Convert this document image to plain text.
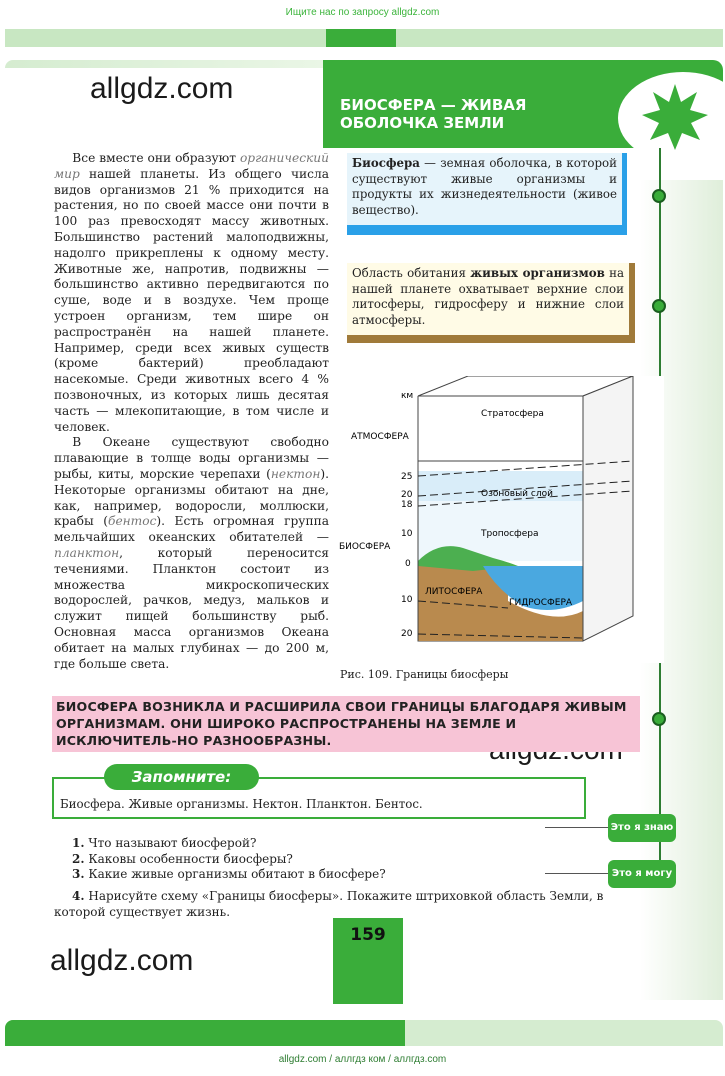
Ищите нас по запросу allgdz.com
БИОСФЕРА — ЖИВАЯ
ОБОЛОЧКА ЗЕМЛИ
allgdz.com
allgdz.com

Все вместе они образуют органический мир нашей планеты. Из общего числа видов организмов 21 % приходится на растения, но по своей массе они почти в 100 раз превосходят массу животных. Большинство растений малоподвижны, надолго прикреплены к одному месту. Животные же, напротив, подвижны — большинство активно передвигаются по суше, воде и в воздухе. Чем проще устроен организм, тем шире он распространён на нашей планете. Например, среди всех живых существ (кроме бактерий) преобладают насекомые. Среди животных всего 4 % позвоночных, из которых лишь десятая часть — млекопитающие, в том числе и человек.

В Океане существуют свободно плавающие в толще воды организмы — рыбы, киты, морские черепахи (нектон). Некоторые организмы обитают на дне, как, например, водоросли, моллюски, крабы (бентос). Есть огромная группа мельчайших океанских обитателей — планктон, который переносится течениями. Планктон состоит из множества микроскопических водорослей, рачков, медуз, мальков и служит пищей большинству рыб. Основная масса организмов Океана обитает на малых глубинах — до 200 м, где больше света.

Биосфера — земная оболочка, в которой существуют живые организмы и продукты их жизнедеятельности (живое вещество).
Область обитания живых организмов на нашей планете охватывает верхние слои литосферы, гидросферу и нижние слои атмосферы.
км
25
20
18
10
0
10
20
АТМОСФЕРА
БИОСФЕРА
Стратосфера
Озоновый слой
Тропосфера
ЛИТОСФЕРА
ГИДРОСФЕРА
Рис. 109. Границы биосферы
БИОСФЕРА ВОЗНИКЛА И РАСШИРИЛА СВОИ ГРАНИЦЫ БЛАГОДАРЯ ЖИВЫМ ОРГАНИЗМАМ. ОНИ ШИРОКО РАСПРОСТРАНЕНЫ НА ЗЕМЛЕ И ИСКЛЮЧИТЕЛЬ-НО РАЗНООБРАЗНЫ.
Запомните:
Биосфера. Живые организмы. Нектон. Планктон. Бентос.
1. Что называют биосферой?
2. Каковы особенности биосферы?
3. Какие живые организмы обитают в биосфере?
4. Нарисуйте схему «Границы биосферы». Покажите штриховкой область Земли, в которой существует жизнь.
Это я знаю
Это я могу
159
allgdz.com / аллгдз ком / аллгдз.com
